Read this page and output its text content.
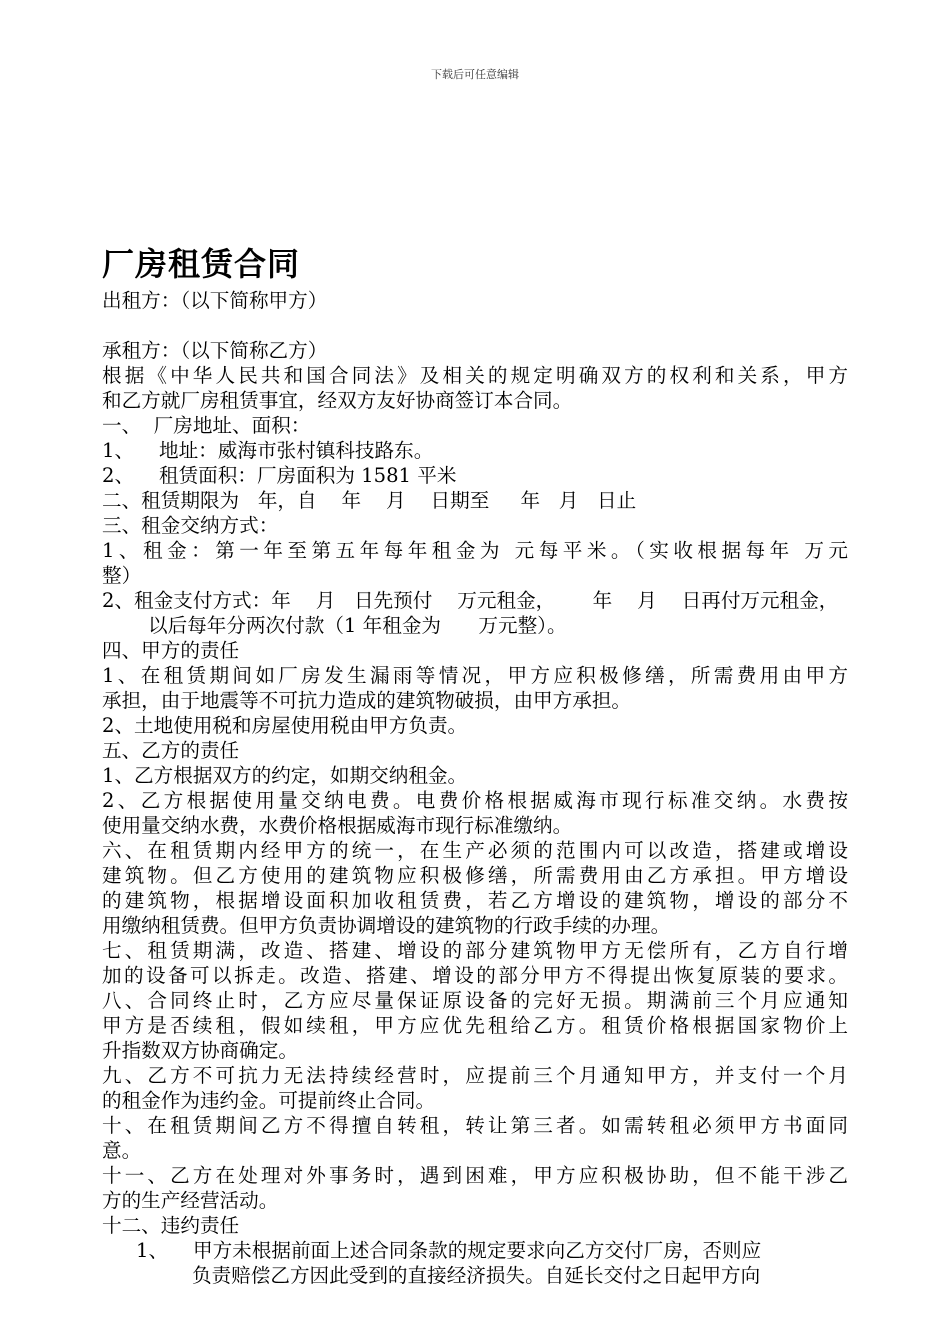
下载后可任意编辑
厂房租赁合同
出租方：（以下简称甲方）
承租方：（以下简称乙方）
根据《中华人民共和国合同法》及相关的规定明确双方的权利和关系，甲方
和乙方就厂房租赁事宜，经双方友好协商签订本合同。
一、  厂房地址、面积：
1、    地址：威海市张村镇科技路东。
2、    租赁面积：厂房面积为 1581 平米
二、租赁期限为   年，自    年    月    日期至     年   月   日止
三、租金交纳方式：
1、租金：第一年至第五年每年租金为 元每平米。（实收根据每年 万元
整）
2、租金支付方式：年    月   日先预付    万元租金，      年    月    日再付万元租金，
以后每年分两次付款（1 年租金为      万元整）。
四、甲方的责任
1、在租赁期间如厂房发生漏雨等情况，甲方应积极修缮，所需费用由甲方
承担，由于地震等不可抗力造成的建筑物破损，由甲方承担。
2、土地使用税和房屋使用税由甲方负责。
五、乙方的责任
1、乙方根据双方的约定，如期交纳租金。
2、乙方根据使用量交纳电费。电费价格根据威海市现行标准交纳。水费按
使用量交纳水费，水费价格根据威海市现行标准缴纳。
六、在租赁期内经甲方的统一，在生产必须的范围内可以改造，搭建或增设
建筑物。但乙方使用的建筑物应积极修缮，所需费用由乙方承担。甲方增设
的建筑物，根据增设面积加收租赁费，若乙方增设的建筑物，增设的部分不
用缴纳租赁费。但甲方负责协调增设的建筑物的行政手续的办理。
七、租赁期满，改造、搭建、增设的部分建筑物甲方无偿所有，乙方自行增
加的设备可以拆走。改造、搭建、增设的部分甲方不得提出恢复原装的要求。
八、合同终止时，乙方应尽量保证原设备的完好无损。期满前三个月应通知
甲方是否续租，假如续租，甲方应优先租给乙方。租赁价格根据国家物价上
升指数双方协商确定。
九、乙方不可抗力无法持续经营时，应提前三个月通知甲方，并支付一个月
的租金作为违约金。可提前终止合同。
十、在租赁期间乙方不得擅自转租，转让第三者。如需转租必须甲方书面同
意。
十一、乙方在处理对外事务时，遇到困难，甲方应积极协助，但不能干涉乙
方的生产经营活动。
十二、违约责任
1、    甲方未根据前面上述合同条款的规定要求向乙方交付厂房，否则应
负责赔偿乙方因此受到的直接经济损失。自延长交付之日起甲方向
